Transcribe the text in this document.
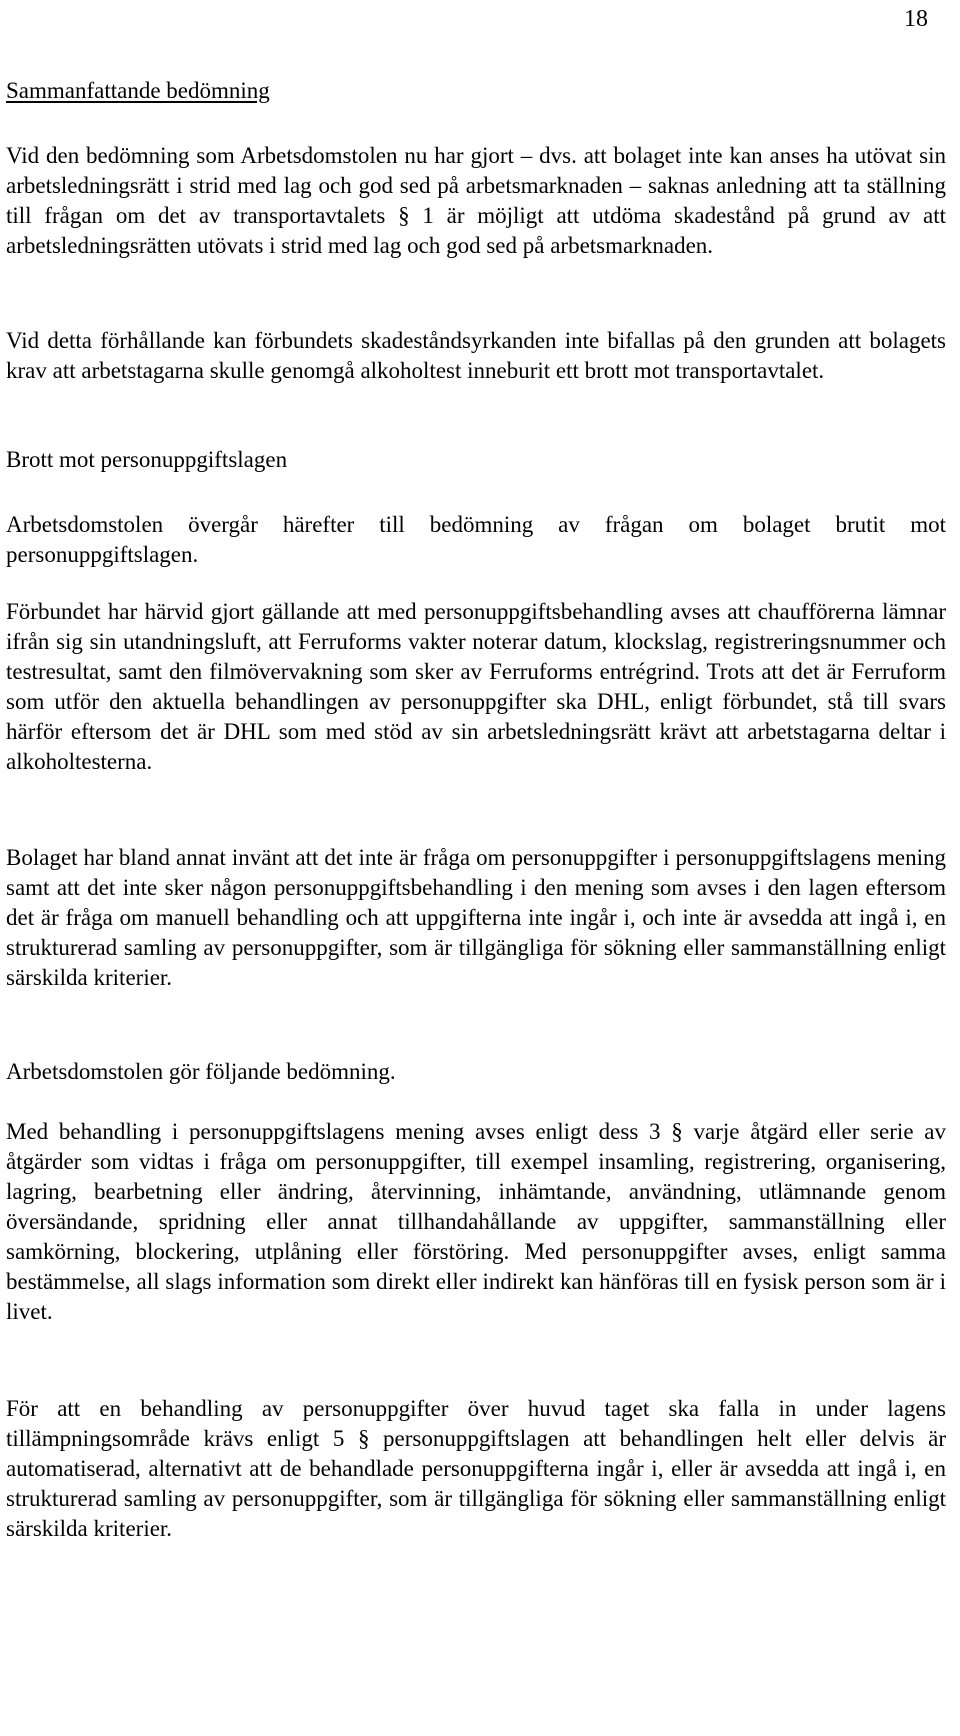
18
Sammanfattande bedömning

Vid den bedömning som Arbetsdomstolen nu har gjort – dvs. att bolaget inte kan anses ha utövat sin arbetsledningsrätt i strid med lag och god sed på arbetsmarknaden – saknas anledning att ta ställning till frågan om det av transportavtalets § 1 är möjligt att utdöma skadestånd på grund av att arbetsledningsrätten utövats i strid med lag och god sed på arbetsmarknaden.

Vid detta förhållande kan förbundets skadeståndsyrkanden inte bifallas på den grunden att bolagets krav att arbetstagarna skulle genomgå alkoholtest inneburit ett brott mot transportavtalet.

Brott mot personuppgiftslagen

Arbetsdomstolen övergår härefter till bedömning av frågan om bolaget brutit mot personuppgiftslagen.

Förbundet har härvid gjort gällande att med personuppgiftsbehandling avses att chaufförerna lämnar ifrån sig sin utandningsluft, att Ferruforms vakter noterar datum, klockslag, registreringsnummer och testresultat, samt den filmövervakning som sker av Ferruforms entrégrind. Trots att det är Ferruform som utför den aktuella behandlingen av personuppgifter ska DHL, enligt förbundet, stå till svars härför eftersom det är DHL som med stöd av sin arbetsledningsrätt krävt att arbetstagarna deltar i alkoholtesterna.

Bolaget har bland annat invänt att det inte är fråga om personuppgifter i personuppgiftslagens mening samt att det inte sker någon personuppgiftsbehandling i den mening som avses i den lagen eftersom det är fråga om manuell behandling och att uppgifterna inte ingår i, och inte är avsedda att ingå i, en strukturerad samling av personuppgifter, som är tillgängliga för sökning eller sammanställning enligt särskilda kriterier.

Arbetsdomstolen gör följande bedömning.

Med behandling i personuppgiftslagens mening avses enligt dess 3 § varje åtgärd eller serie av åtgärder som vidtas i fråga om personuppgifter, till exempel insamling, registrering, organisering, lagring, bearbetning eller ändring, återvinning, inhämtande, användning, utlämnande genom översändande, spridning eller annat tillhandahållande av uppgifter, sammanställning eller samkörning, blockering, utplåning eller förstöring. Med personuppgifter avses, enligt samma bestämmelse, all slags information som direkt eller indirekt kan hänföras till en fysisk person som är i livet.

För att en behandling av personuppgifter över huvud taget ska falla in under lagens tillämpningsområde krävs enligt 5 § personuppgiftslagen att behandlingen helt eller delvis är automatiserad, alternativt att de behandlade personuppgifterna ingår i, eller är avsedda att ingå i, en strukturerad samling av personuppgifter, som är tillgängliga för sökning eller sammanställning enligt särskilda kriterier.
